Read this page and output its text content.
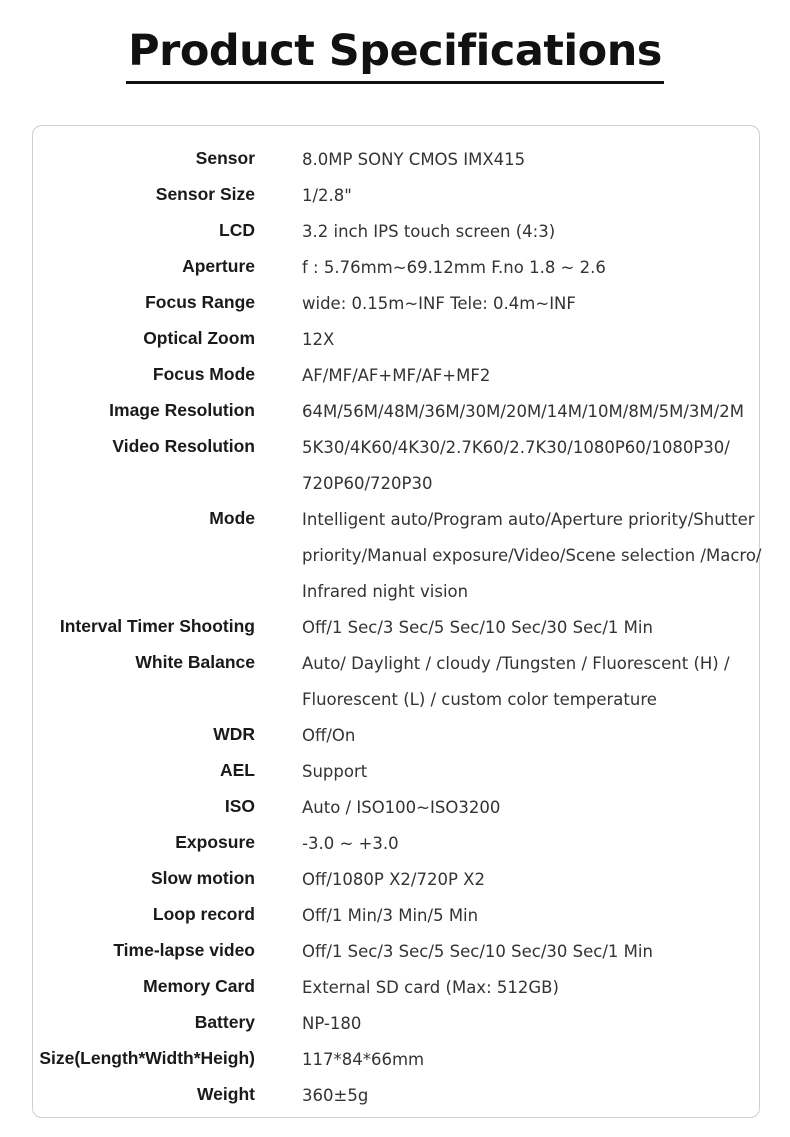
Product Specifications
Sensor	8.0MP SONY CMOS IMX415
Sensor Size	1/2.8"
LCD	3.2 inch IPS touch screen (4:3)
Aperture	f : 5.76mm~69.12mm F.no 1.8 ~ 2.6
Focus Range	wide: 0.15m~INF Tele: 0.4m~INF
Optical Zoom	12X
Focus Mode	AF/MF/AF+MF/AF+MF2
Image Resolution	64M/56M/48M/36M/30M/20M/14M/10M/8M/5M/3M/2M
Video Resolution	5K30/4K60/4K30/2.7K60/2.7K30/1080P60/1080P30/
720P60/720P30
Mode	Intelligent auto/Program auto/Aperture priority/Shutter
priority/Manual exposure/Video/Scene selection /Macro/
Infrared night vision
Interval Timer Shooting	Off/1 Sec/3 Sec/5 Sec/10 Sec/30 Sec/1 Min
White Balance	Auto/ Daylight / cloudy /Tungsten / Fluorescent (H) /
Fluorescent (L) / custom color temperature
WDR	Off/On
AEL	Support
ISO	Auto / ISO100~ISO3200
Exposure	-3.0 ~ +3.0
Slow motion	Off/1080P X2/720P X2
Loop record	Off/1 Min/3 Min/5 Min
Time-lapse video	Off/1 Sec/3 Sec/5 Sec/10 Sec/30 Sec/1 Min
Memory Card	External SD card (Max: 512GB)
Battery	NP-180
Size(Length*Width*Heigh)	117*84*66mm
Weight	360±5g
